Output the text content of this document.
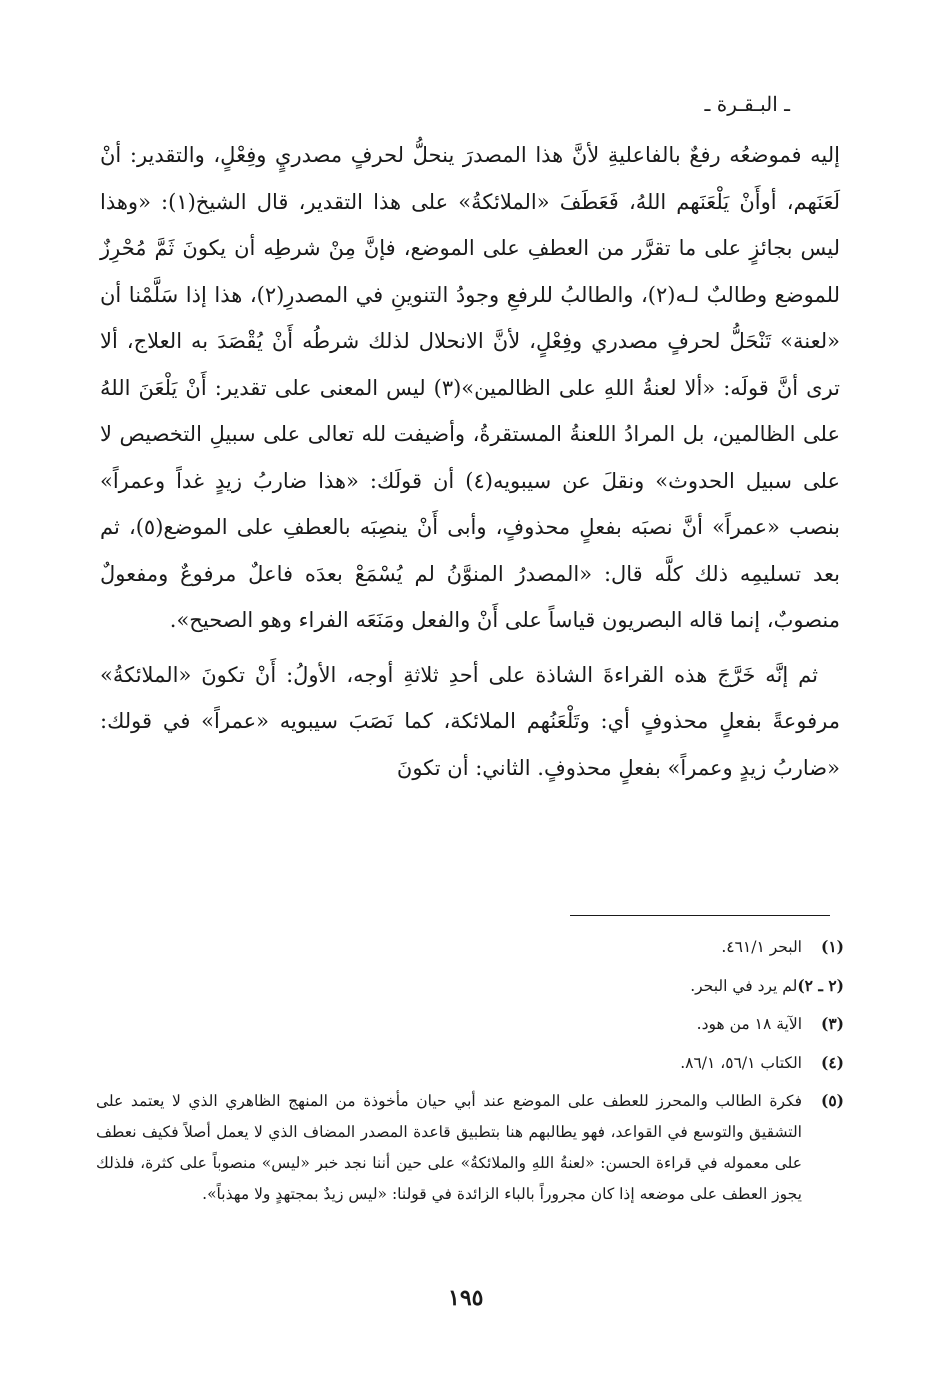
ـ البـقـرة ـ

إليه فموضعُه رفعٌ بالفاعليةِ لأنَّ هذا المصدرَ ينحلُّ لحرفٍ مصدريٍ وفِعْلٍ، والتقدير: أنْ لَعَنَهم، أوأَنْ يَلْعَنَهم اللهُ، فَعَطَفَ «الملائكةُ» على هذا التقدير، قال الشيخ(١): «وهذا ليس بجائزٍ على ما تقرَّر من العطفِ على الموضع، فإنَّ مِنْ شرطِه أن يكونَ ثَمَّ مُحْرِزٌ للموضع وطالبٌ لـه(٢)، والطالبُ للرفعِ وجودُ التنوينِ في المصدرِ(٢)، هذا إذا سَلَّمْنا أن «لعنة» تَنْحَلُّ لحرفٍ مصدري وفِعْلٍ، لأنَّ الانحلال لذلك شرطُه أَنْ يُقْصَدَ به العلاج، ألا ترى أنَّ قولَه: «ألا لعنةُ اللهِ على الظالمين»(٣) ليس المعنى على تقدير: أَنْ يَلْعَنَ اللهُ على الظالمين، بل المرادُ اللعنةُ المستقرةُ، وأضيفت لله تعالى على سبيلِ التخصيص لا على سبيل الحدوث» ونقلَ عن سيبويه(٤) أن قولَك: «هذا ضاربُ زيدٍ غداً وعمراً» بنصب «عمراً» أنَّ نصبَه بفعلٍ محذوفٍ، وأبى أَنْ ينصِبَه بالعطفِ على الموضع(٥)، ثم بعد تسليمِه ذلك كلَّه قال: «المصدرُ المنوَّنُ لم يُسْمَعْ بعدَه فاعلٌ مرفوعٌ ومفعولٌ منصوبٌ، إنما قاله البصريون قياساً على أَنْ والفعل ومَنَعَه الفراء وهو الصحيح».

ثم إنَّه خَرَّجَ هذه القراءةَ الشاذة على أحدِ ثلاثةِ أوجه، الأولُ: أَنْ تكونَ «الملائكةُ» مرفوعةً بفعلٍ محذوفٍ أي: وتَلْعَنُهم الملائكة، كما نَصَبَ سيبويه «عمراً» في قولك: «ضاربُ زيدٍ وعمراً» بفعلٍ محذوفٍ. الثاني: أن تكونَ

(١)
البحر ٤٦١/١.
(٢ ـ ٢)
لم يرد في البحر.
(٣)
الآية ١٨ من هود.
(٤)
الكتاب ٥٦/١، ٨٦/١.
(٥)
فكرة الطالب والمحرز للعطف على الموضع عند أبي حيان مأخوذة من المنهج الظاهري الذي لا يعتمد على التشقيق والتوسع في القواعد، فهو يطالبهم هنا بتطبيق قاعدة المصدر المضاف الذي لا يعمل أصلاً فكيف نعطف على معموله في قراءة الحسن: «لعنةُ اللهِ والملائكةُ» على حين أننا نجد خبر «ليس» منصوباً على كثرة، فلذلك يجوز العطف على موضعه إذا كان مجروراً بالباء الزائدة في قولنا: «ليس زيدٌ بمجتهدٍ ولا مهذباً».
١٩٥
